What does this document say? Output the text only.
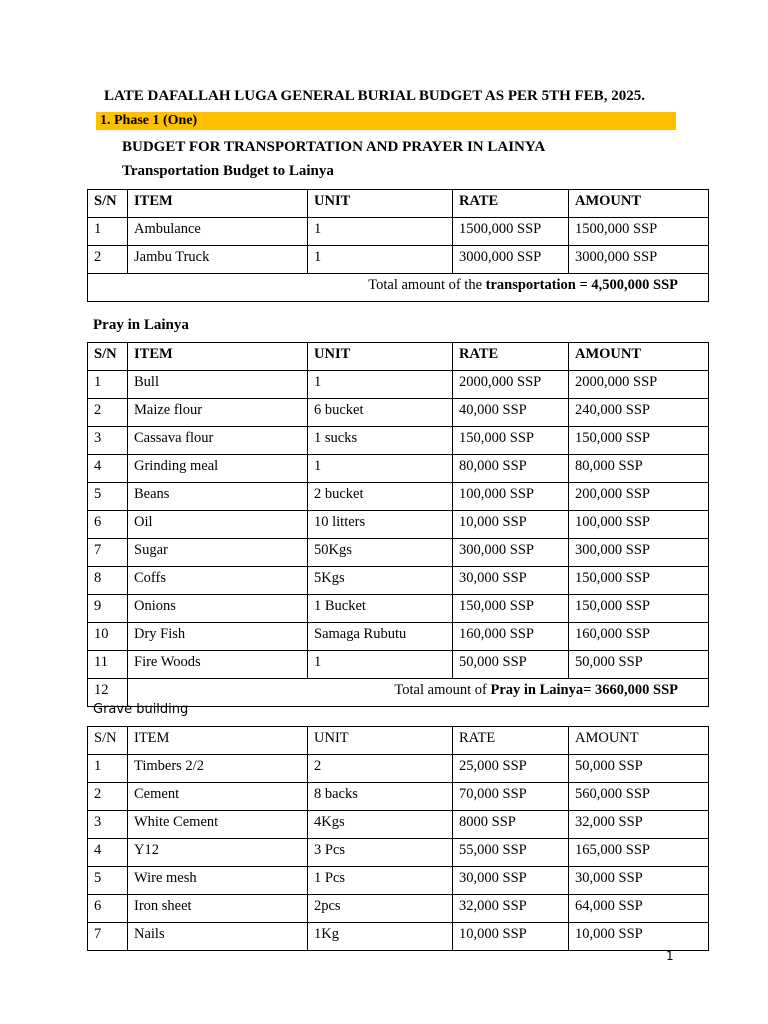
LATE DAFALLAH LUGA GENERAL BURIAL BUDGET AS PER 5TH FEB, 2025.
1. Phase 1 (One)
BUDGET FOR TRANSPORTATION AND PRAYER IN LAINYA
Transportation Budget to Lainya
S/N	ITEM	UNIT	RATE	AMOUNT
1	Ambulance	1	1500,000 SSP	1500,000 SSP
2	Jambu Truck	1	3000,000 SSP	3000,000 SSP
Total amount of the transportation = 4,500,000 SSP				
Pray in Lainya
S/N	ITEM	UNIT	RATE	AMOUNT
1	Bull	1	2000,000 SSP	2000,000 SSP
2	Maize flour	6 bucket	40,000 SSP	240,000 SSP
3	Cassava flour	1 sucks	150,000 SSP	150,000 SSP
4	Grinding meal	1	80,000 SSP	80,000 SSP
5	Beans	2 bucket	100,000 SSP	200,000 SSP
6	Oil	10 litters	10,000 SSP	100,000 SSP
7	Sugar	50Kgs	300,000 SSP	300,000 SSP
8	Coffs	5Kgs	30,000 SSP	150,000 SSP
9	Onions	1 Bucket	150,000 SSP	150,000 SSP
10	Dry Fish	Samaga Rubutu	160,000 SSP	160,000 SSP
11	Fire Woods	1	50,000 SSP	50,000 SSP
12	Total amount of Pray in Lainya= 3660,000 SSP			
Grave building
S/N	ITEM	UNIT	RATE	AMOUNT
1	Timbers 2/2	2	25,000 SSP	50,000 SSP
2	Cement	8 backs	70,000 SSP	560,000 SSP
3	White Cement	4Kgs	8000 SSP	32,000 SSP
4	Y12	3 Pcs	55,000 SSP	165,000 SSP
5	Wire mesh	1 Pcs	30,000 SSP	30,000 SSP
6	Iron sheet	2pcs	32,000 SSP	64,000 SSP
7	Nails	1Kg	10,000 SSP	10,000 SSP
1
